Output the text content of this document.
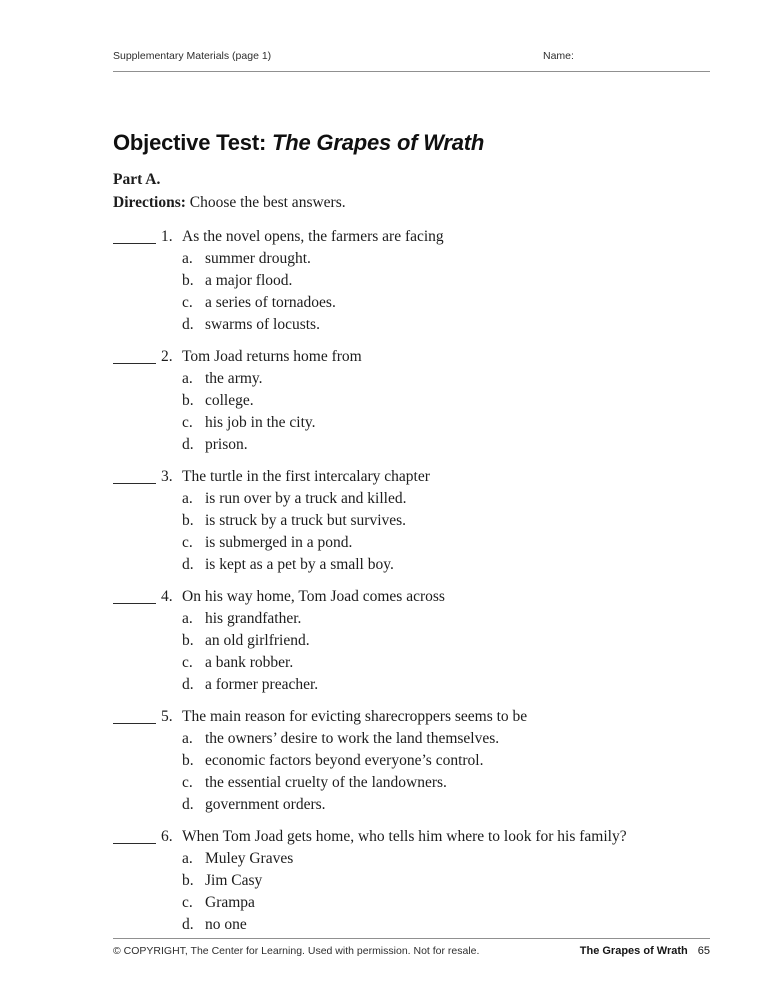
Supplementary Materials (page 1)	Name:
Objective Test: The Grapes of Wrath

Part A.

Directions: Choose the best answers.

1. As the novel opens, the farmers are facing
a. summer drought.
b. a major flood.
c. a series of tornadoes.
d. swarms of locusts.
2. Tom Joad returns home from
a. the army.
b. college.
c. his job in the city.
d. prison.
3. The turtle in the first intercalary chapter
a. is run over by a truck and killed.
b. is struck by a truck but survives.
c. is submerged in a pond.
d. is kept as a pet by a small boy.
4. On his way home, Tom Joad comes across
a. his grandfather.
b. an old girlfriend.
c. a bank robber.
d. a former preacher.
5. The main reason for evicting sharecroppers seems to be
a. the owners’ desire to work the land themselves.
b. economic factors beyond everyone’s control.
c. the essential cruelty of the landowners.
d. government orders.
6. When Tom Joad gets home, who tells him where to look for his family?
a. Muley Graves
b. Jim Casy
c. Grampa
d. no one
© COPYRIGHT, The Center for Learning. Used with permission. Not for resale.	The Grapes of Wrath 65
